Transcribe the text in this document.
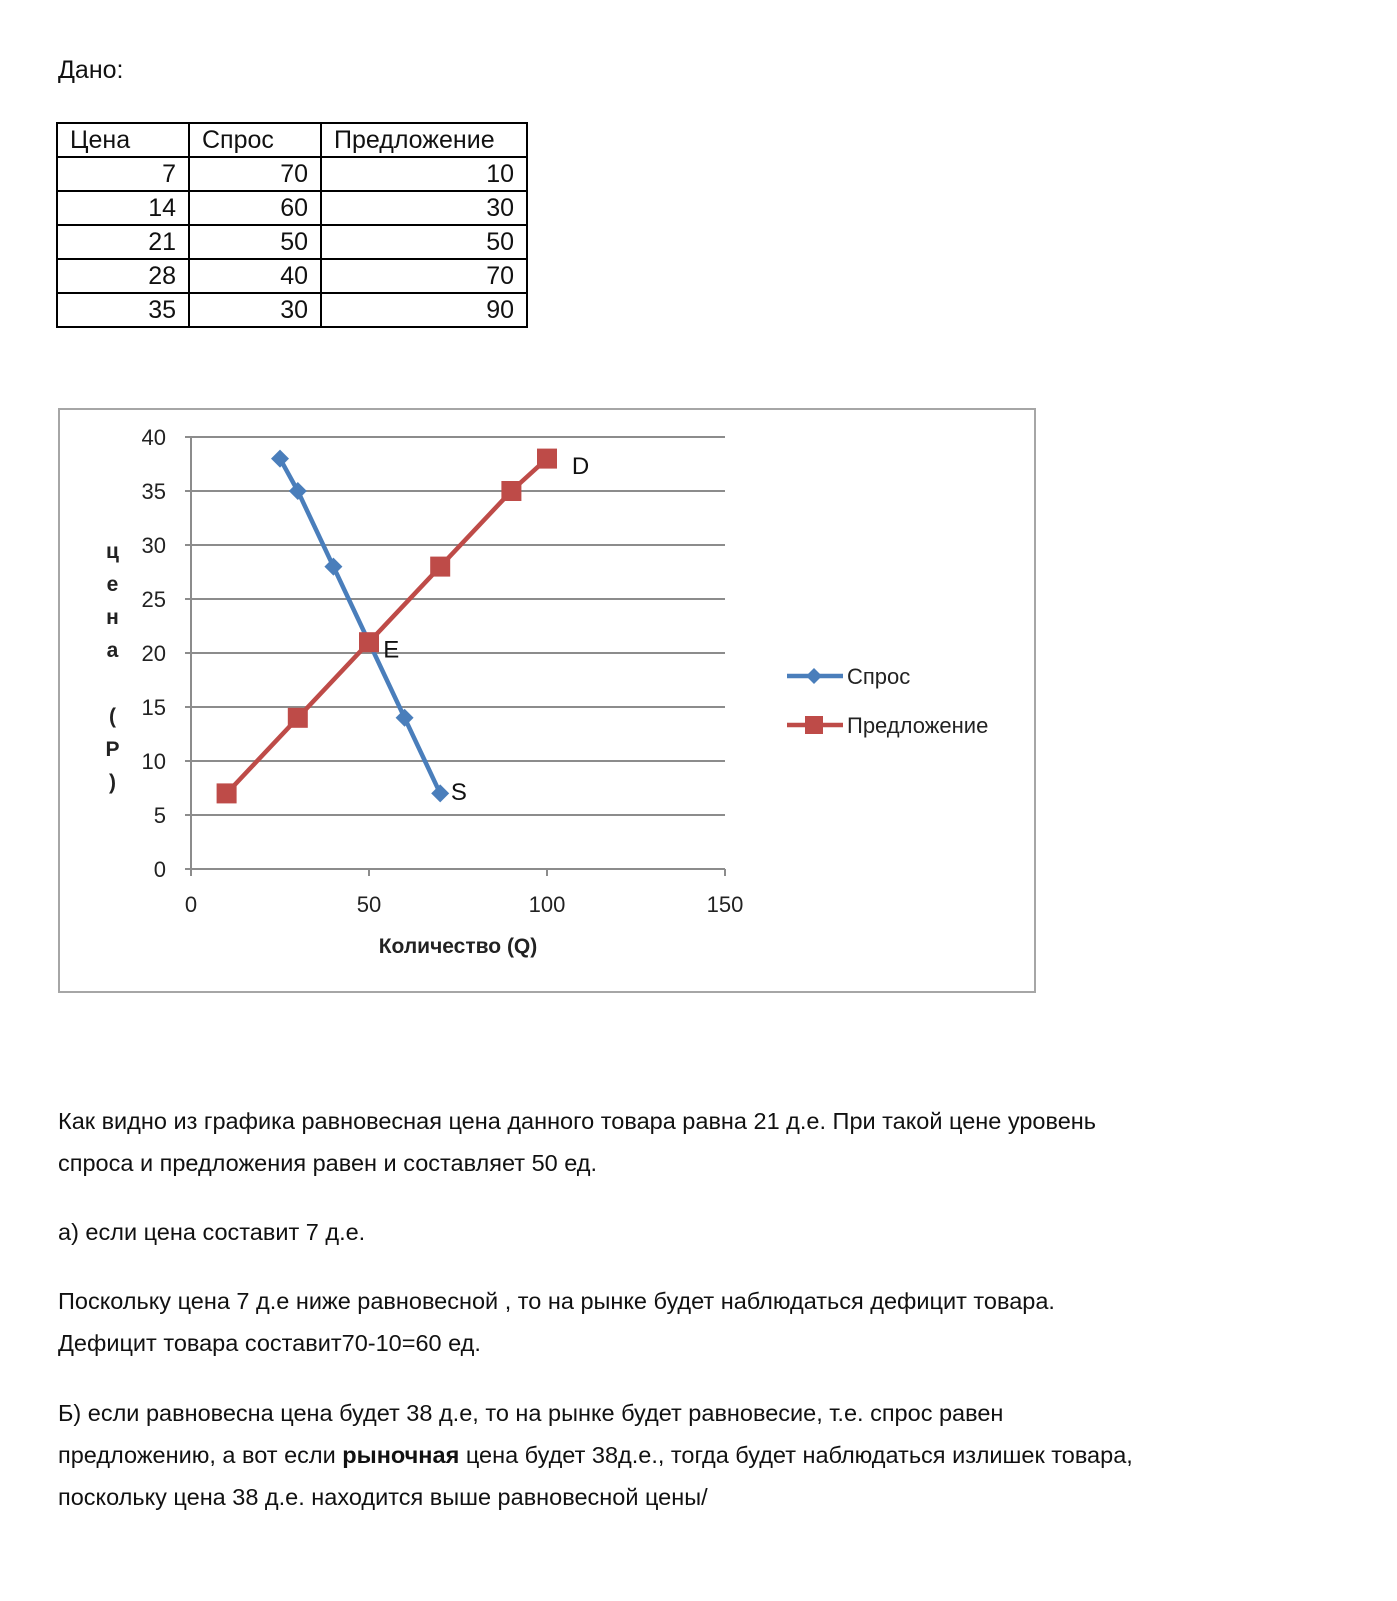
Дано:
Цена	Спрос	Предложение
7	70	10
14	60	30
21	50	50
28	40	70
35	30	90
0
5
10
15
20
25
30
35
40
0	50	100	150
Количество (Q)
Спрос
Предложение
D
E
S
цена (P)

Как видно из графика равновесная цена данного товара равна 21 д.е. При такой цене уровень

спроса и предложения равен и составляет 50 ед.

а) если цена составит 7 д.е.

Поскольку цена 7 д.е ниже равновесной , то на рынке будет наблюдаться дефицит товара.

Дефицит товара составит70-10=60 ед.

Б) если равновесна цена будет 38 д.е, то на рынке будет равновесие, т.е. спрос равен

предложению, а вот если рыночная цена будет 38д.е., тогда будет наблюдаться излишек товара,

поскольку цена 38 д.е. находится выше равновесной цены/
